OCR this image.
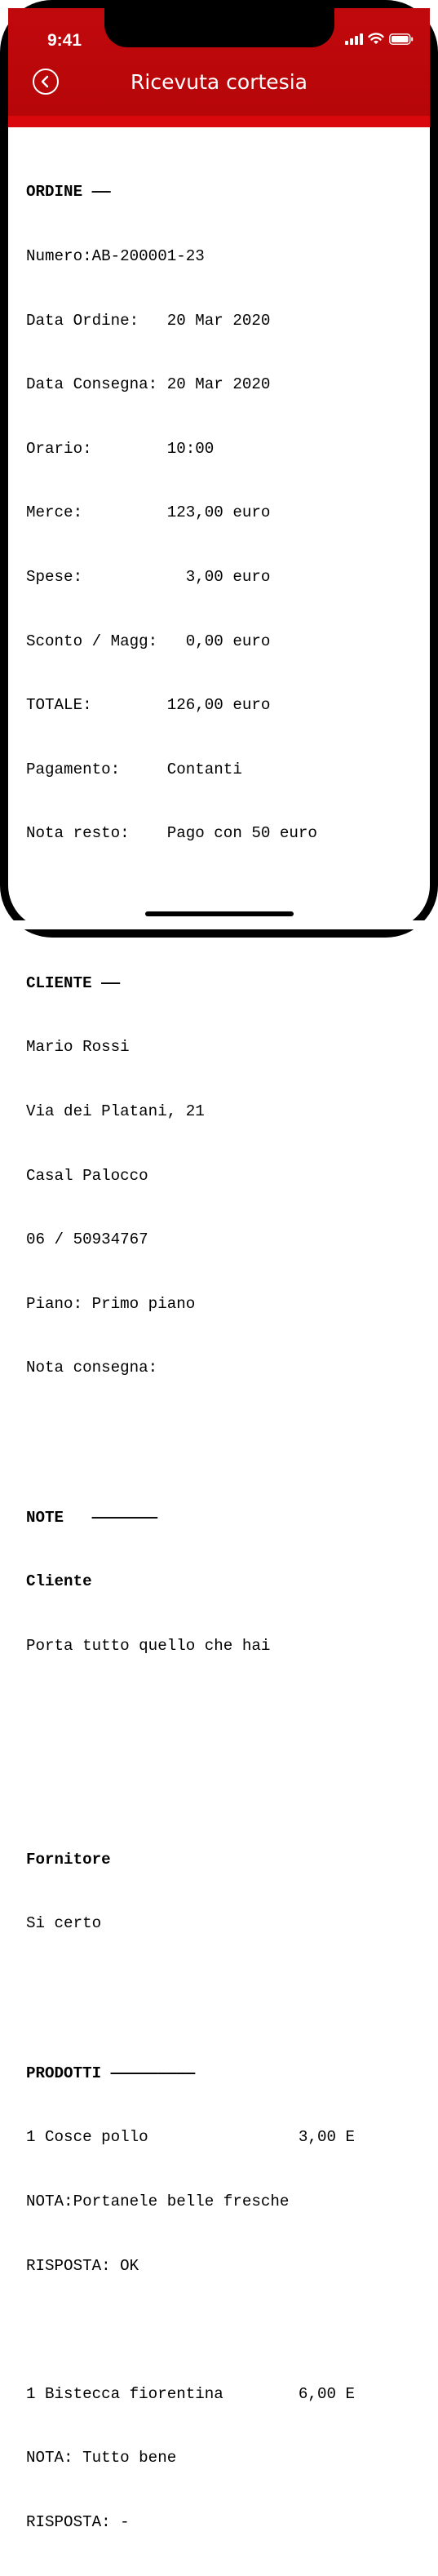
9:41
Ricevuta cortesia

ORDINE ——

Numero:AB-200001-23

Data Ordine:   20 Mar 2020

Data Consegna: 20 Mar 2020

Orario:        10:00

Merce:         123,00 euro

Spese:           3,00 euro

Sconto / Magg:   0,00 euro

TOTALE:        126,00 euro

Pagamento:     Contanti

Nota resto:    Pago con 50 euro

CLIENTE ——

Mario Rossi

Via dei Platani, 21

Casal Palocco

06 / 50934767

Piano: Primo piano

Nota consegna:

NOTE   ———————

Cliente

Porta tutto quello che hai

Fornitore

Si certo

PRODOTTI —————————

1 Cosce pollo                3,00 E

NOTA:Portanele belle fresche

RISPOSTA: OK

1 Bistecca fiorentina        6,00 E

NOTA: Tutto bene

RISPOSTA: -
